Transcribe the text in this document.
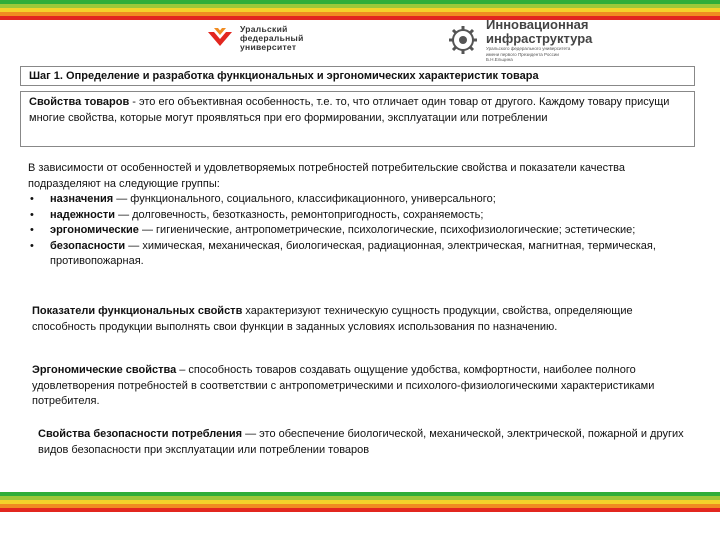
Уральский
федеральный
университет
Инновационная
инфраструктура
Уральского федерального университета
имени первого Президента России Б.Н.Ельцина
Шаг 1. Определение и разработка функциональных и эргономических характеристик товара
Свойства товаров - это его объективная особенность, т.е. то, что отличает один товар от другого. Каждому товару присущи многие свойства, которые могут проявляться при его формировании, эксплуатации или потреблении
В зависимости от особенностей и удовлетворяемых потребностей потребительские свойства и показатели качества подразделяют на следующие группы:
• назначения — функционального, социального, классификационного, универсального;
• надежности — долговечность, безотказность, ремонтопригодность, сохраняемость;
• эргономические — гигиенические, антропометрические, психологические, психофизиологические; эстетические;
• безопасности — химическая, механическая, биологическая, радиационная, электрическая, магнитная, термическая, противопожарная.
Показатели функциональных свойств характеризуют техническую сущность продукции, свойства, определяющие способность продукции выполнять свои функции в заданных условиях использования по назначению.
Эргономические свойства – способность товаров создавать ощущение удобства, комфортности, наиболее полного удовлетворения потребностей в соответствии с антропометрическими и психолого-физиологическими характеристиками потребителя.
Свойства безопасности потребления — это обеспечение биологической, механической, электрической, пожарной и других видов безопасности при эксплуатации или потреблении товаров
